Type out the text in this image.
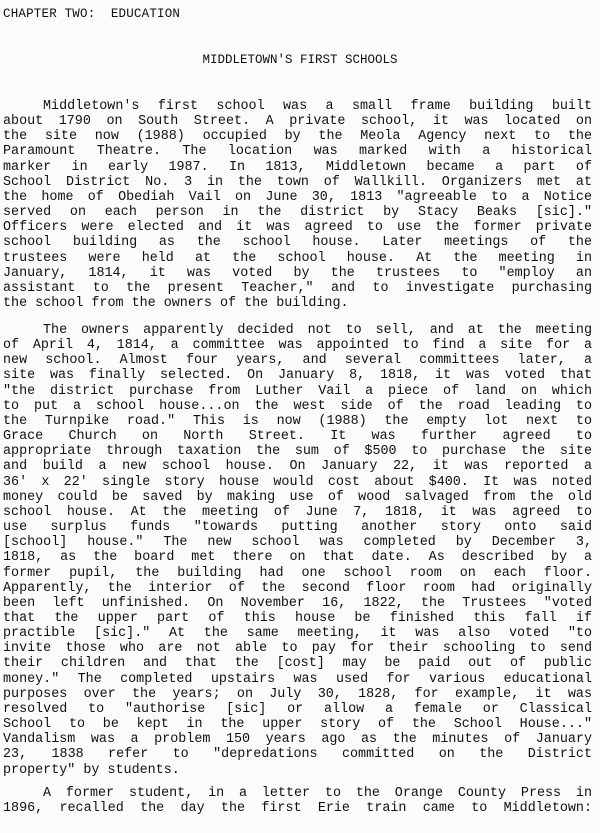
CHAPTER TWO:  EDUCATION
MIDDLETOWN'S FIRST SCHOOLS
Middletown's first school was a small frame building built
about 1790 on South Street. A private school, it was located on
the site now (1988) occupied by the Meola Agency next to the
Paramount Theatre. The location was marked with a historical
marker in early 1987. In 1813, Middletown became a part of
School District No. 3 in the town of Wallkill. Organizers met at
the home of Obediah Vail on June 30, 1813 "agreeable to a Notice
served on each person in the district by Stacy Beaks [sic]."
Officers were elected and it was agreed to use the former private
school building as the school house. Later meetings of the
trustees were held at the school house. At the meeting in
January, 1814, it was voted by the trustees to "employ an
assistant to the present Teacher," and to investigate purchasing
the school from the owners of the building.
The owners apparently decided not to sell, and at the meeting
of April 4, 1814, a committee was appointed to find a site for a
new school. Almost four years, and several committees later, a
site was finally selected. On January 8, 1818, it was voted that
"the district purchase from Luther Vail a piece of land on which
to put a school house...on the west side of the road leading to
the Turnpike road." This is now (1988) the empty lot next to
Grace Church on North Street. It was further agreed to
appropriate through taxation the sum of $500 to purchase the site
and build a new school house. On January 22, it was reported a
36' x 22' single story house would cost about $400. It was noted
money could be saved by making use of wood salvaged from the old
school house. At the meeting of June 7, 1818, it was agreed to
use surplus funds "towards putting another story onto said
[school] house." The new school was completed by December 3,
1818, as the board met there on that date. As described by a
former pupil, the building had one school room on each floor.
Apparently, the interior of the second floor room had originally
been left unfinished. On November 16, 1822, the Trustees "voted
that the upper part of this house be finished this fall if
practible [sic]." At the same meeting, it was also voted "to
invite those who are not able to pay for their schooling to send
their children and that the [cost] may be paid out of public
money." The completed upstairs was used for various educational
purposes over the years; on July 30, 1828, for example, it was
resolved to "authorise [sic] or allow a female or Classical
School to be kept in the upper story of the School House..."
Vandalism was a problem 150 years ago as the minutes of January
23, 1838 refer to "depredations committed on the District
property" by students.
A former student, in a letter to the Orange County Press in
1896, recalled the day the first Erie train came to Middletown:
